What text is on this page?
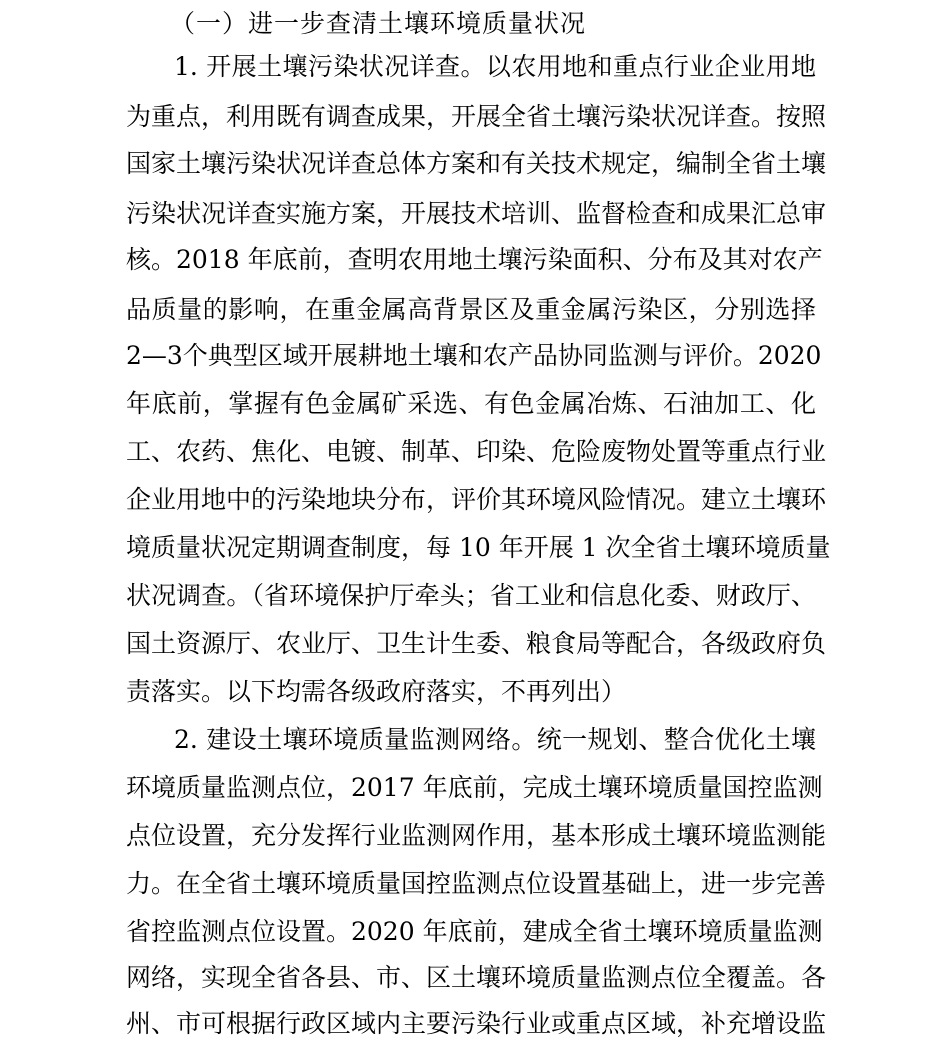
（一）进一步查清土壤环境质量状况
1. 开展土壤污染状况详查。以农用地和重点行业企业用地
为重点，利用既有调查成果，开展全省土壤污染状况详查。按照
国家土壤污染状况详查总体方案和有关技术规定，编制全省土壤
污染状况详查实施方案，开展技术培训、监督检查和成果汇总审
核。2018 年底前，查明农用地土壤污染面积、分布及其对农产
品质量的影响，在重金属高背景区及重金属污染区，分别选择
2—3个典型区域开展耕地土壤和农产品协同监测与评价。2020
年底前，掌握有色金属矿采选、有色金属冶炼、石油加工、化
工、农药、焦化、电镀、制革、印染、危险废物处置等重点行业
企业用地中的污染地块分布，评价其环境风险情况。建立土壤环
境质量状况定期调查制度，每 10 年开展 1 次全省土壤环境质量
状况调查。（省环境保护厅牵头；省工业和信息化委、财政厅、
国土资源厅、农业厅、卫生计生委、粮食局等配合，各级政府负
责落实。以下均需各级政府落实，不再列出）
2. 建设土壤环境质量监测网络。统一规划、整合优化土壤
环境质量监测点位，2017 年底前，完成土壤环境质量国控监测
点位设置，充分发挥行业监测网作用，基本形成土壤环境监测能
力。在全省土壤环境质量国控监测点位设置基础上，进一步完善
省控监测点位设置。2020 年底前，建成全省土壤环境质量监测
网络，实现全省各县、市、区土壤环境质量监测点位全覆盖。各
州、市可根据行政区域内主要污染行业或重点区域，补充增设监
